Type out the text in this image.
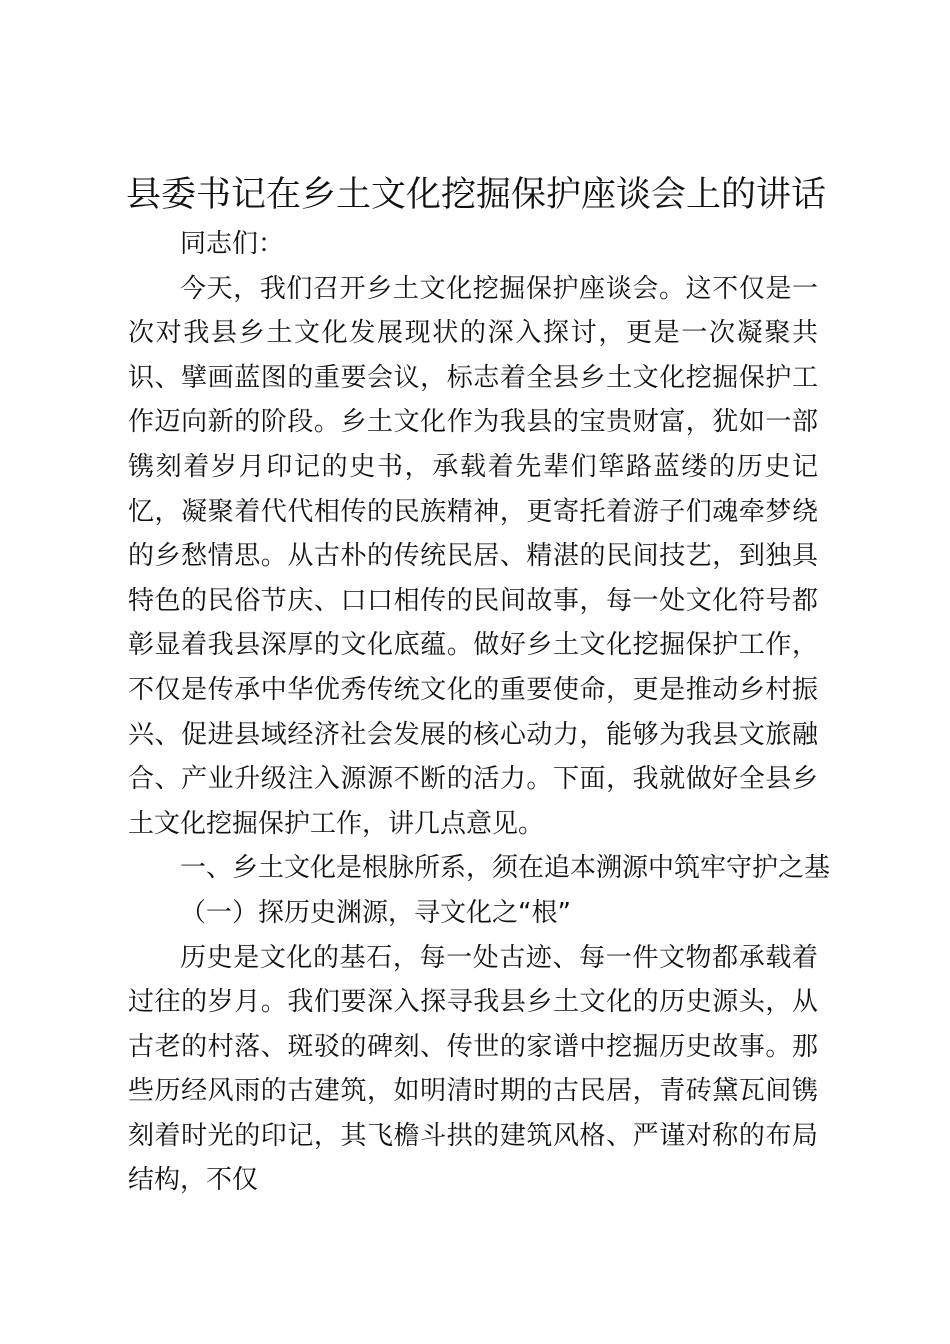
县委书记在乡土文化挖掘保护座谈会上的讲话

同志们：

今天，我们召开乡土文化挖掘保护座谈会。这不仅是一次对我县乡土文化发展现状的深入探讨，更是一次凝聚共识、擘画蓝图的重要会议，标志着全县乡土文化挖掘保护工作迈向新的阶段。乡土文化作为我县的宝贵财富，犹如一部镌刻着岁月印记的史书，承载着先辈们筚路蓝缕的历史记忆，凝聚着代代相传的民族精神，更寄托着游子们魂牵梦绕的乡愁情思。从古朴的传统民居、精湛的民间技艺，到独具特色的民俗节庆、口口相传的民间故事，每一处文化符号都彰显着我县深厚的文化底蕴。做好乡土文化挖掘保护工作，不仅是传承中华优秀传统文化的重要使命，更是推动乡村振兴、促进县域经济社会发展的核心动力，能够为我县文旅融合、产业升级注入源源不断的活力。下面，我就做好全县乡土文化挖掘保护工作，讲几点意见。

一、乡土文化是根脉所系，须在追本溯源中筑牢守护之基

（一）探历史渊源，寻文化之“根”

历史是文化的基石，每一处古迹、每一件文物都承载着过往的岁月。我们要深入探寻我县乡土文化的历史源头，从古老的村落、斑驳的碑刻、传世的家谱中挖掘历史故事。那些历经风雨的古建筑，如明清时期的古民居，青砖黛瓦间镌刻着时光的印记，其飞檐斗拱的建筑风格、严谨对称的布局结构，不仅
